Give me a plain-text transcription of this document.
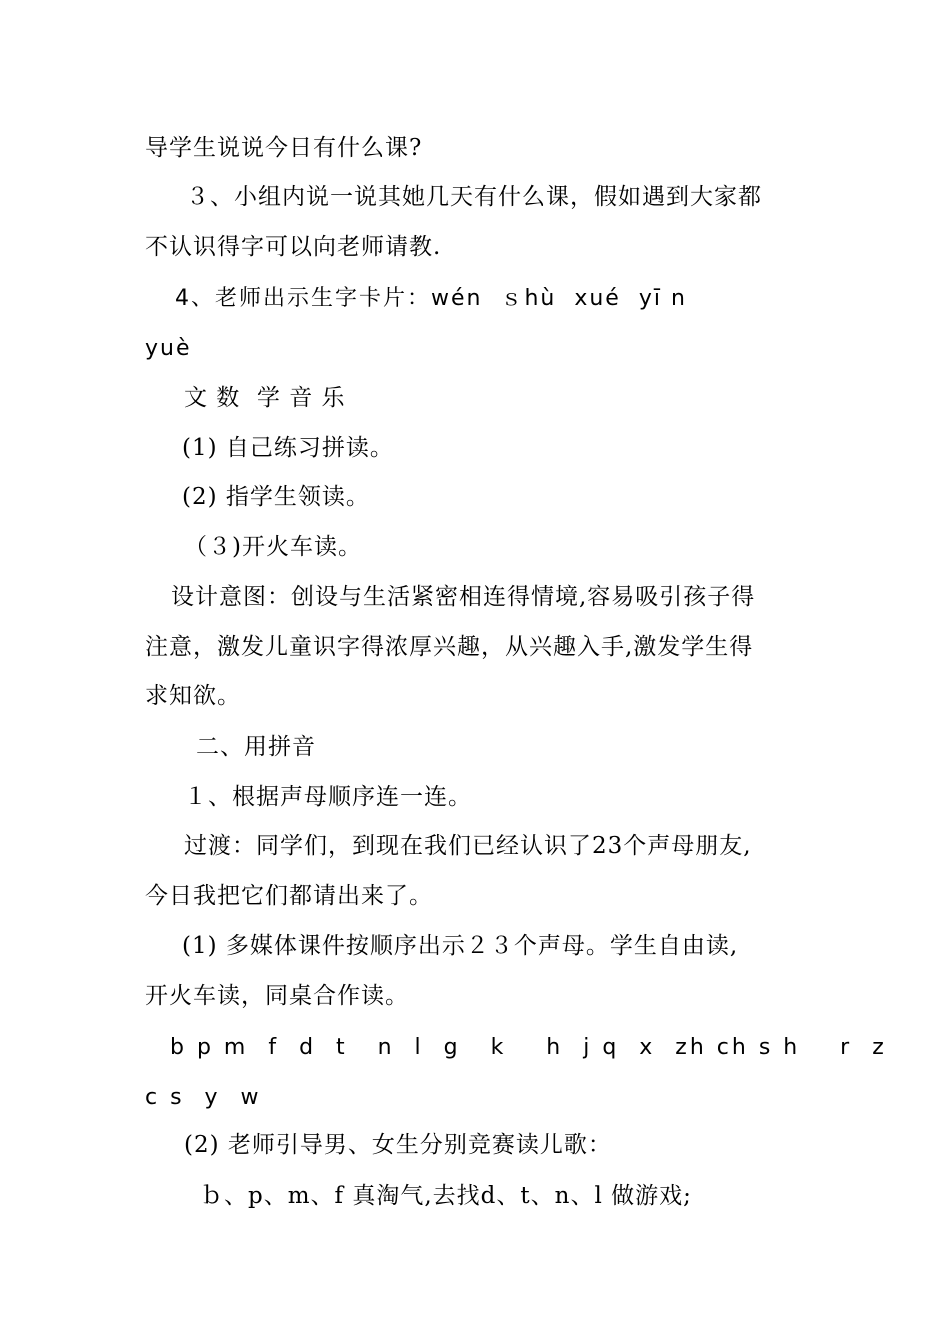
导学生说说今日有什么课?
３、小组内说一说其她几天有什么课，假如遇到大家都
不认识得字可以向老师请教.
4、老师出示生字卡片：wén  ｓhù  xué  yī n
yuè
文 数  学 音 乐
(1) 自己练习拼读。
(2) 指学生领读。
（３)开火车读。
设计意图：创设与生活紧密相连得情境,容易吸引孩子得
注意，激发儿童识字得浓厚兴趣，从兴趣入手,激发学生得
求知欲。
二、用拼音
１、根据声母顺序连一连。
过渡：同学们，到现在我们已经认识了23个声母朋友,
今日我把它们都请出来了。
(1) 多媒体课件按顺序出示２３个声母。学生自由读,
开火车读，同桌合作读。
b p m  f  d  t   n  l  g   k    h  j q  x  zh ch s h    r  z
c s  y  w
(2) 老师引导男、女生分别竞赛读儿歌：
ｂ、p、m、f 真淘气,去找d、t、n、l 做游戏;
